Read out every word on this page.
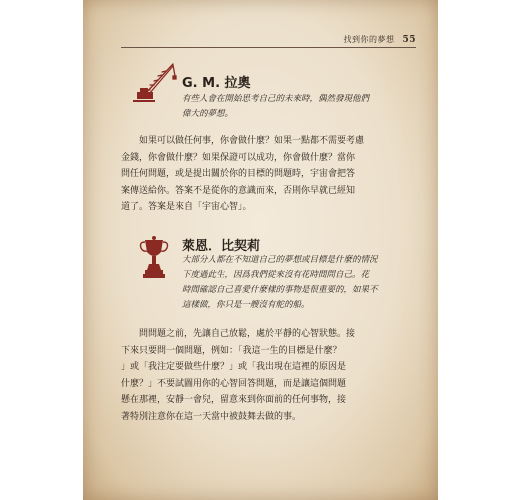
找到你的夢想 55
G. M. 拉奧
有些人會在開始思考自己的未來時，偶然發現他們
偉大的夢想。
如果可以做任何事，你會做什麼？如果一點都不需要考慮
金錢，你會做什麼？如果保證可以成功，你會做什麼？當你
問任何問題，或是提出關於你的目標的問題時，宇宙會把答
案傳送給你。答案不是從你的意識而來，否則你早就已經知
道了。答案是來自「宇宙心智」。
萊恩．比契莉
大部分人都在不知道自己的夢想或目標是什麼的情況
下度過此生，因爲我們從來沒有花時間問自己。花
時間確認自己喜愛什麼樣的事物是很重要的，如果不
這樣做，你只是一艘沒有舵的船。
問問題之前，先讓自己放鬆，處於平靜的心智狀態。接
下來只要問一個問題，例如：「我這一生的目標是什麼？
」或「我注定要做些什麼？」或「我出現在這裡的原因是
什麼？」不要試圖用你的心智回答問題，而是讓這個問題
懸在那裡，安靜一會兒，留意來到你面前的任何事物，接
著特別注意你在這一天當中被鼓舞去做的事。
